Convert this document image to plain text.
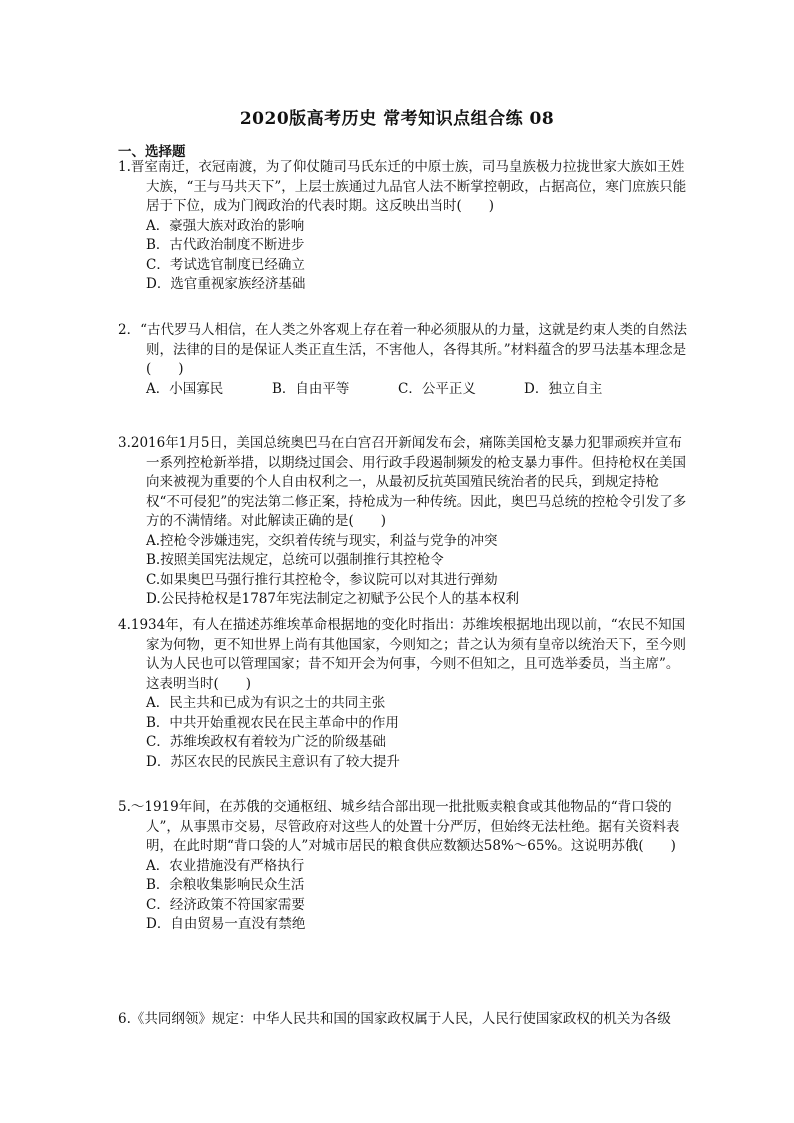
2020版高考历史 常考知识点组合练 08
一、选择题

1.晋室南迁，衣冠南渡，为了仰仗随司马氏东迁的中原士族，司马皇族极力拉拢世家大族如王姓大族，“王与马共天下”，上层士族通过九品官人法不断掌控朝政，占据高位，寒门庶族只能居于下位，成为门阀政治的代表时期。这反映出当时(　　)

A．豪强大族对政治的影响

B．古代政治制度不断进步

C．考试选官制度已经确立

D．选官重视家族经济基础

2．“古代罗马人相信，在人类之外客观上存在着一种必须服从的力量，这就是约束人类的自然法则，法律的目的是保证人类正直生活，不害他人，各得其所。”材料蕴含的罗马法基本理念是(　　)

A．小国寡民	B．自由平等	C．公平正义	D．独立自主

3.2016年1月5日，美国总统奥巴马在白宫召开新闻发布会，痛陈美国枪支暴力犯罪顽疾并宣布一系列控枪新举措，以期绕过国会、用行政手段遏制频发的枪支暴力事件。但持枪权在美国向来被视为重要的个人自由权利之一，从最初反抗英国殖民统治者的民兵，到规定持枪权“不可侵犯”的宪法第二修正案，持枪成为一种传统。因此，奥巴马总统的控枪令引发了多方的不满情绪。对此解读正确的是(　　)

A.控枪令涉嫌违宪，交织着传统与现实，利益与党争的冲突

B.按照美国宪法规定，总统可以强制推行其控枪令

C.如果奥巴马强行推行其控枪令，参议院可以对其进行弹劾

D.公民持枪权是1787年宪法制定之初赋予公民个人的基本权利

4.1934年，有人在描述苏维埃革命根据地的变化时指出：苏维埃根据地出现以前，“农民不知国家为何物，更不知世界上尚有其他国家，今则知之；昔之认为须有皇帝以统治天下，至今则认为人民也可以管理国家；昔不知开会为何事，今则不但知之，且可选举委员，当主席”。这表明当时(　　)

A．民主共和已成为有识之士的共同主张

B．中共开始重视农民在民主革命中的作用

C．苏维埃政权有着较为广泛的阶级基础

D．苏区农民的民族民主意识有了较大提升

5.～1919年间，在苏俄的交通枢纽、城乡结合部出现一批批贩卖粮食或其他物品的“背口袋的人”，从事黑市交易，尽管政府对这些人的处置十分严厉，但始终无法杜绝。据有关资料表明，在此时期“背口袋的人”对城市居民的粮食供应数额达58%～65%。这说明苏俄(　　)

A．农业措施没有严格执行

B．余粮收集影响民众生活

C．经济政策不符国家需要

D．自由贸易一直没有禁绝

6.《共同纲领》规定：中华人民共和国的国家政权属于人民，人民行使国家政权的机关为各级
